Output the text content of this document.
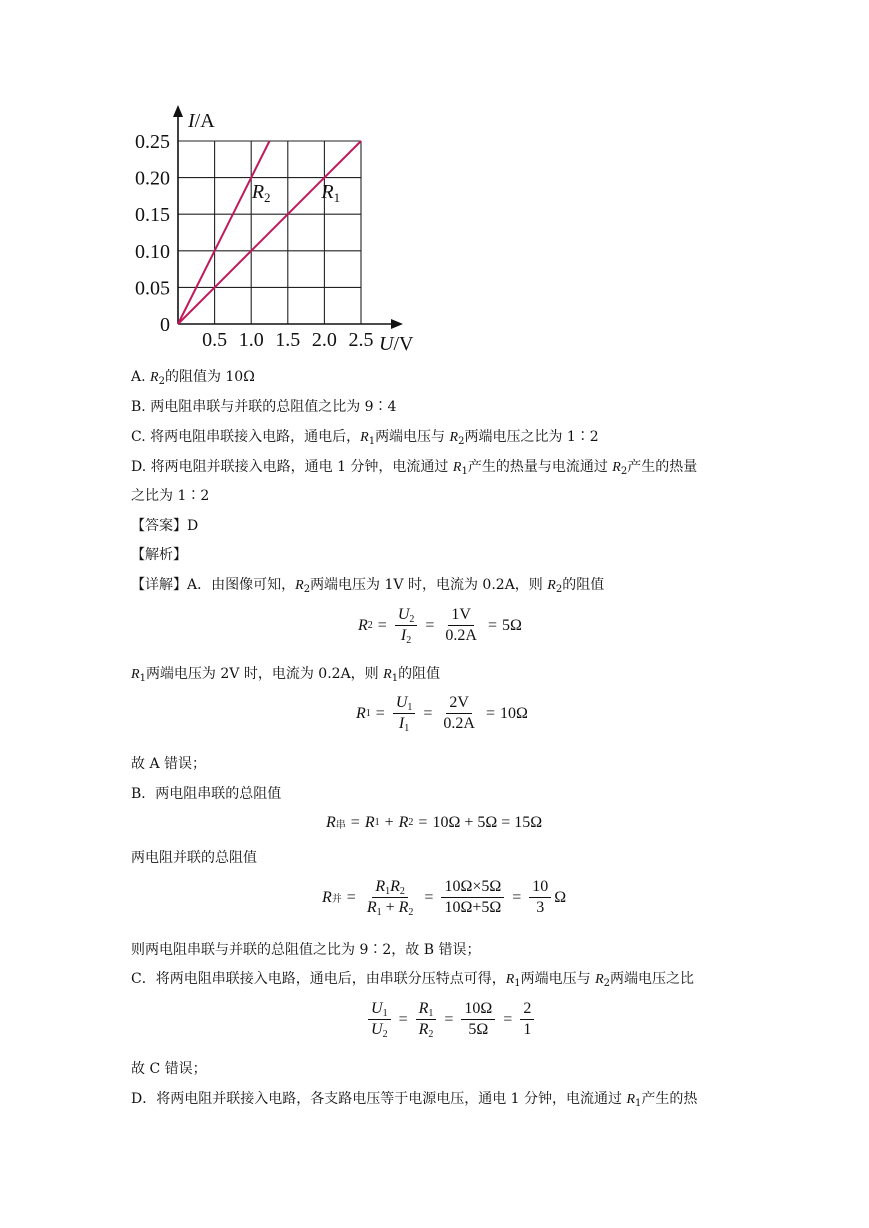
0.5 1.0 1.5 2.0 2.5
0.05
0.10
0.15
0.20
0.25
0
I/A
U/V
$R_2$	$R_1$
A. $R_2$的阻值为 10Ω
B. 两电阻串联与并联的总阻值之比为 9∶4
C. 将两电阻串联接入电路，通电后，$R_1$两端电压与 $R_2$两端电压之比为 1∶2
D. 将两电阻并联接入电路，通电 1 分钟，电流通过 $R_1$产生的热量与电流通过 $R_2$产生的热量
之比为 1∶2
【答案】D
【解析】
【详解】A．由图像可知，$R_2$两端电压为 1V 时，电流为 0.2A，则 $R_2$的阻值
R $2 = \frac{U_2}{I_2} = \frac{1V}{0.2A} = 5\Omega$
$R_1$两端电压为 2V 时，电流为 0.2A，则 $R_1$的阻值
R $1 = \frac{U_1}{I_1} = \frac{2V}{0.2A} = 10\Omega$
故 A 错误；
B．两电阻串联的总阻值
R 串 = R 1 + R 2 = 10Ω + 5Ω = 15Ω
两电阻并联的总阻值
R 并 = $\frac{R_1R_2}{R_1 + R_2} = \frac{10\Omega\times 5\Omega}{10\Omega+5\Omega} = \frac{10}{3}$ Ω
则两电阻串联与并联的总阻值之比为 9∶2，故 B 错误；
C．将两电阻串联接入电路，通电后，由串联分压特点可得，$R_1$两端电压与 $R_2$两端电压之比
$\frac{U_1}{U_2} = \frac{R_1}{R_2} = \frac{10\Omega}{5\Omega} = \frac{2}{1}$
故 C 错误；
D．将两电阻并联接入电路，各支路电压等于电源电压，通电 1 分钟，电流通过 $R_1$产生的热
